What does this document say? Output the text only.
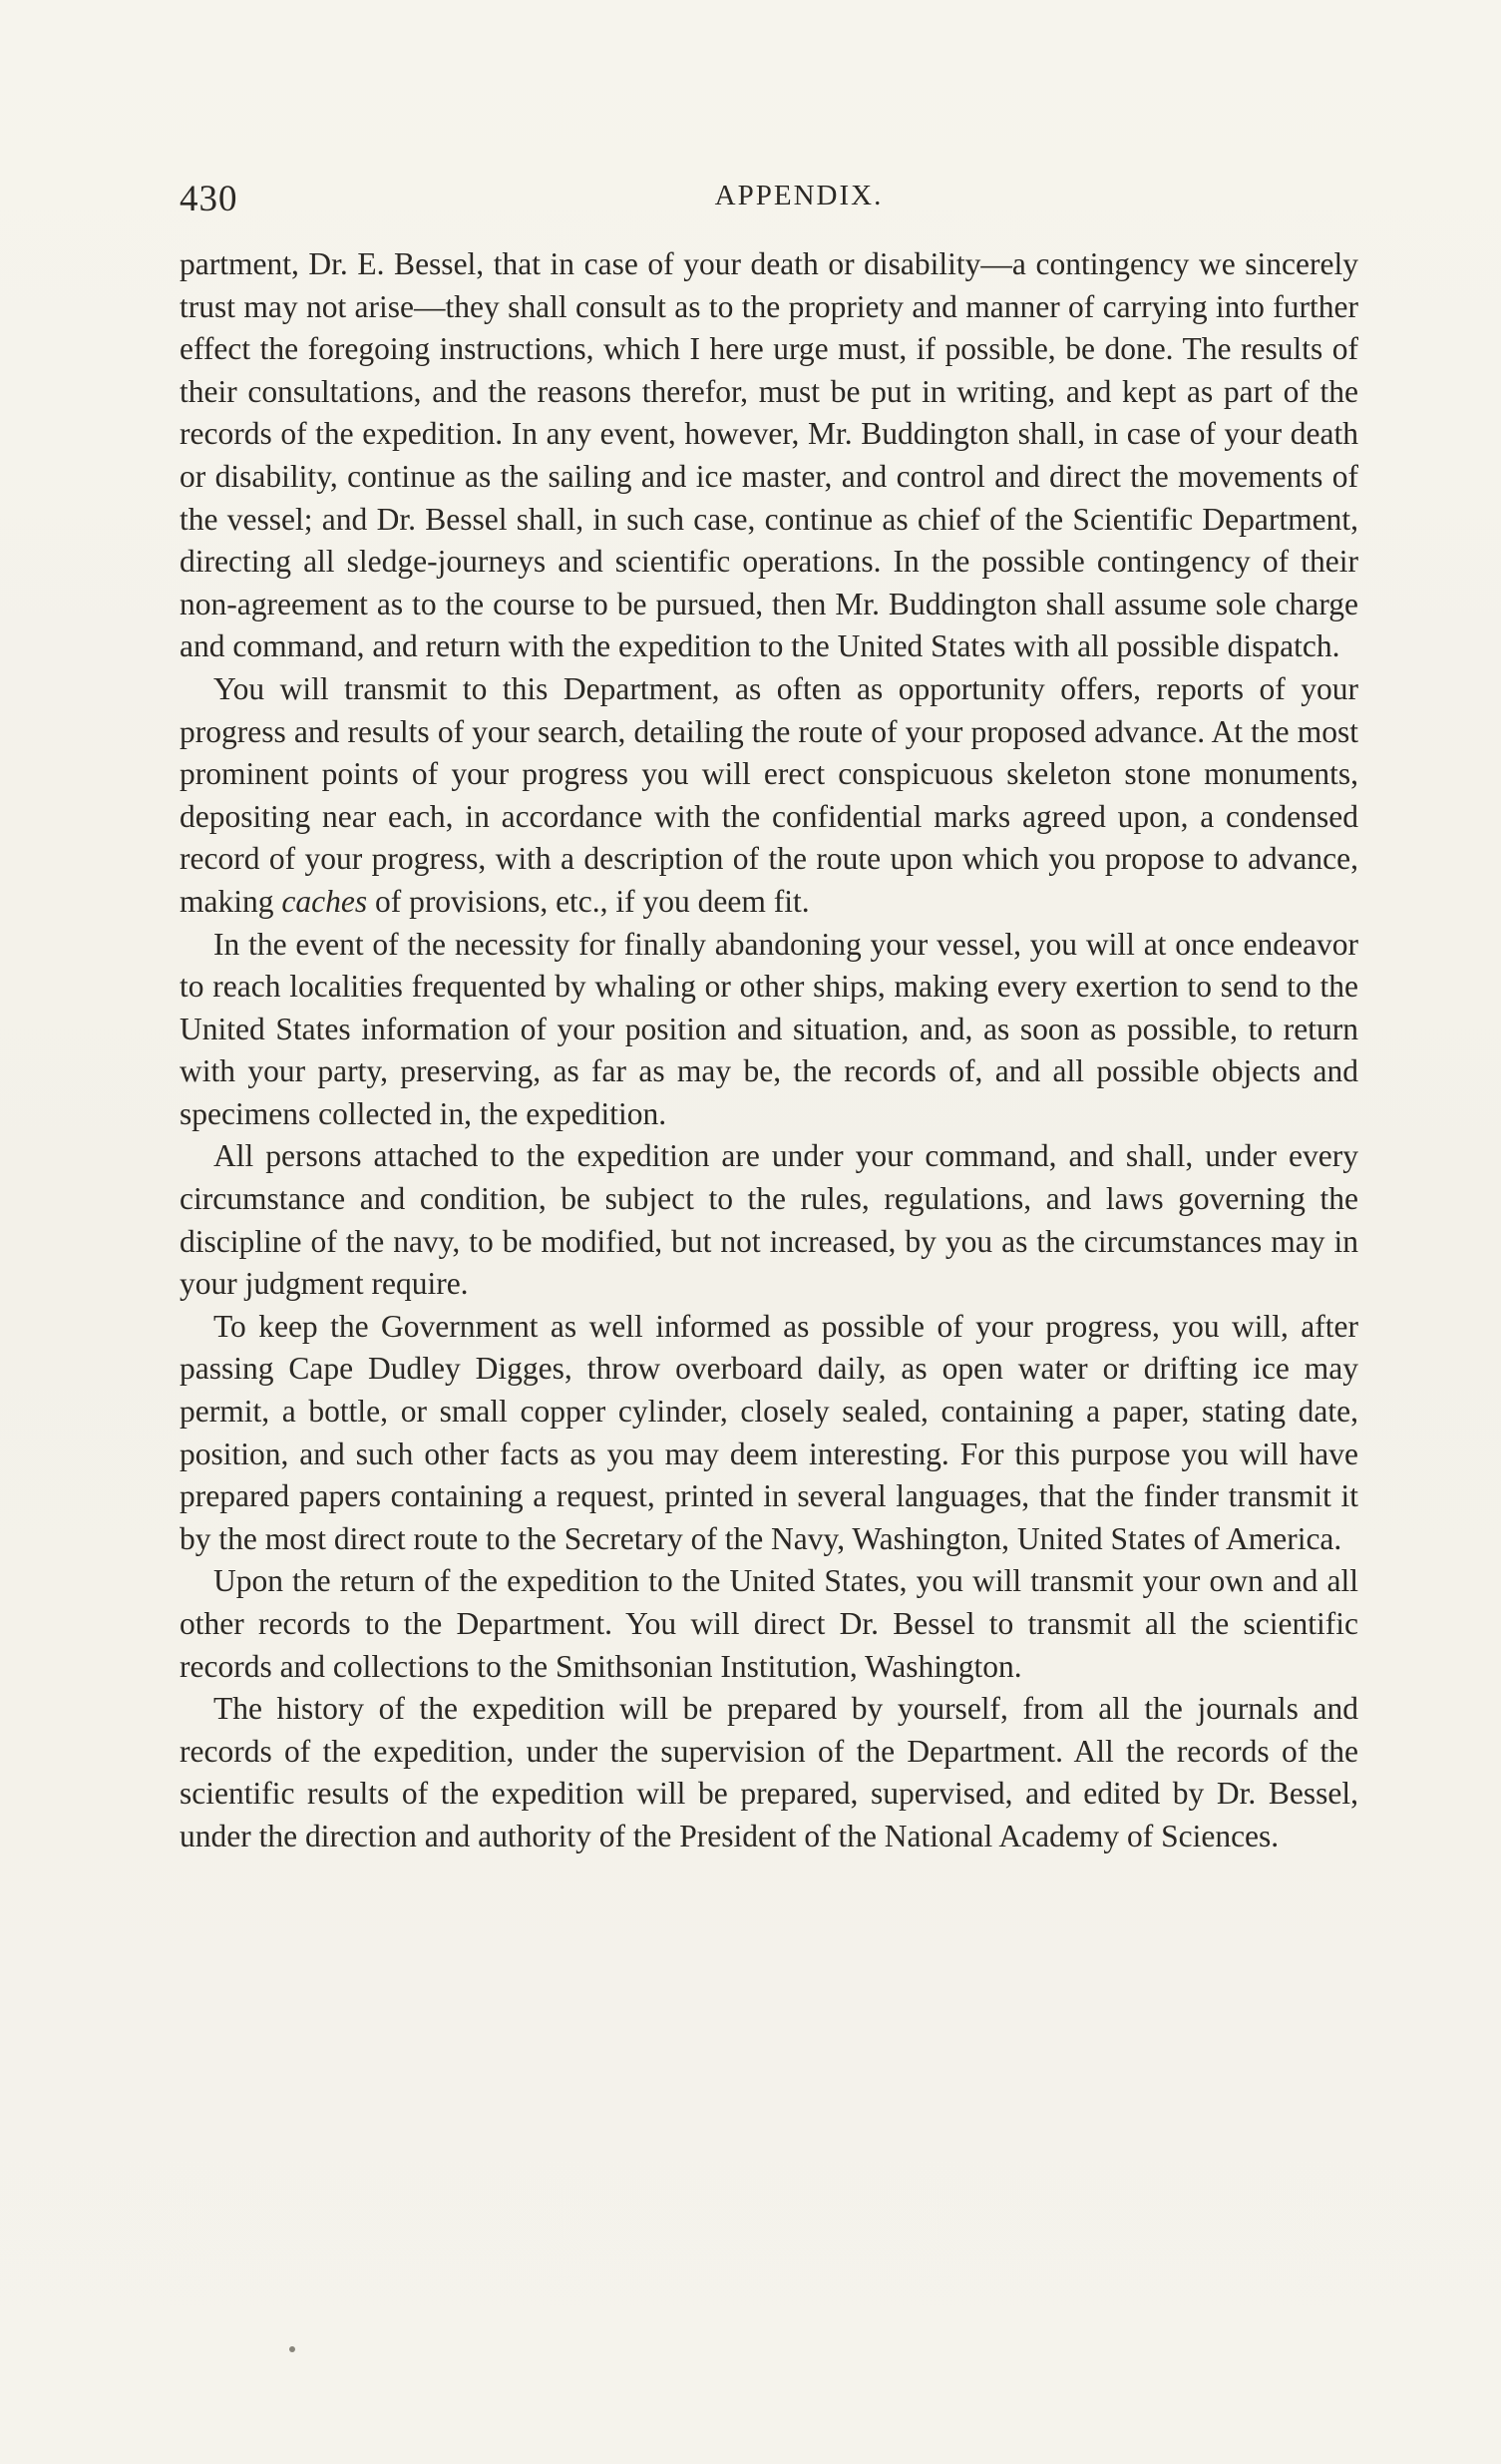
430	APPENDIX.

partment, Dr. E. Bessel, that in case of your death or disability—a contingency we sincerely trust may not arise—they shall consult as to the propriety and manner of carrying into further effect the foregoing instructions, which I here urge must, if possible, be done. The results of their consultations, and the reasons therefor, must be put in writing, and kept as part of the records of the expedition. In any event, however, Mr. Buddington shall, in case of your death or disability, continue as the sailing and ice master, and control and direct the movements of the vessel; and Dr. Bessel shall, in such case, continue as chief of the Scientific Department, directing all sledge-journeys and scientific operations. In the possible contingency of their non-agreement as to the course to be pursued, then Mr. Buddington shall assume sole charge and command, and return with the expedition to the United States with all possible dispatch.

You will transmit to this Department, as often as opportunity offers, reports of your progress and results of your search, detailing the route of your proposed advance. At the most prominent points of your progress you will erect conspicuous skeleton stone monuments, depositing near each, in accordance with the confidential marks agreed upon, a condensed record of your progress, with a description of the route upon which you propose to advance, making caches of provisions, etc., if you deem fit.

In the event of the necessity for finally abandoning your vessel, you will at once endeavor to reach localities frequented by whaling or other ships, making every exertion to send to the United States information of your position and situation, and, as soon as possible, to return with your party, preserving, as far as may be, the records of, and all possible objects and specimens collected in, the expedition.

All persons attached to the expedition are under your command, and shall, under every circumstance and condition, be subject to the rules, regulations, and laws governing the discipline of the navy, to be modified, but not increased, by you as the circumstances may in your judgment require.

To keep the Government as well informed as possible of your progress, you will, after passing Cape Dudley Digges, throw overboard daily, as open water or drifting ice may permit, a bottle, or small copper cylinder, closely sealed, containing a paper, stating date, position, and such other facts as you may deem interesting. For this purpose you will have prepared papers containing a request, printed in several languages, that the finder transmit it by the most direct route to the Secretary of the Navy, Washington, United States of America.

Upon the return of the expedition to the United States, you will transmit your own and all other records to the Department. You will direct Dr. Bessel to transmit all the scientific records and collections to the Smithsonian Institution, Washington.

The history of the expedition will be prepared by yourself, from all the journals and records of the expedition, under the supervision of the Department. All the records of the scientific results of the expedition will be prepared, supervised, and edited by Dr. Bessel, under the direction and authority of the President of the National Academy of Sciences.
